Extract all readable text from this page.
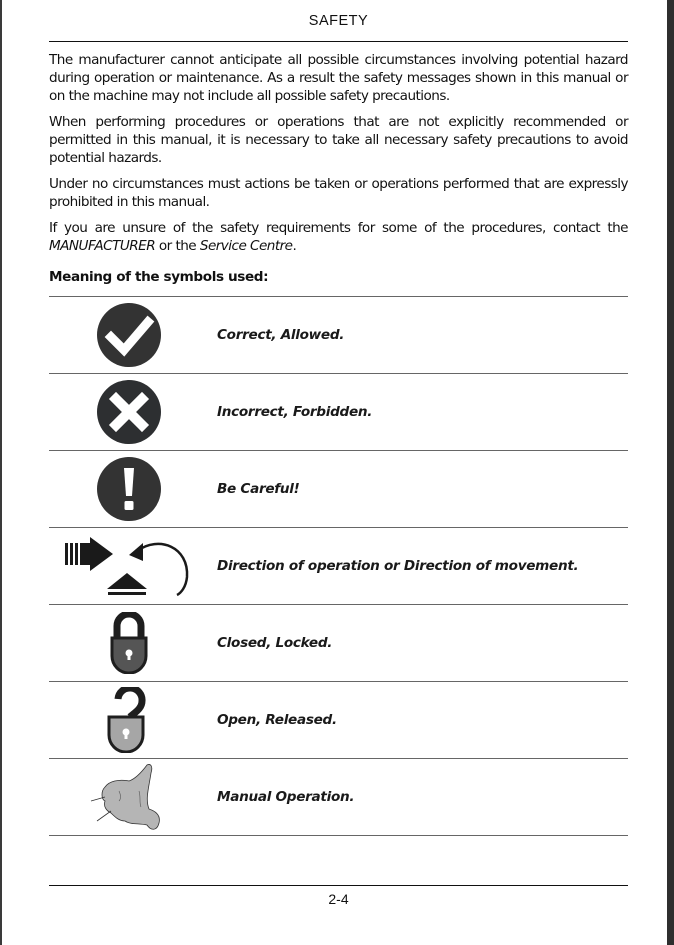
SAFETY

The manufacturer cannot anticipate all possible circumstances involving potential hazard during operation or maintenance. As a result the safety messages shown in this manual or on the machine may not include all possible safety precautions.

When performing procedures or operations that are not explicitly recommended or permitted in this manual, it is necessary to take all necessary safety precautions to avoid potential hazards.

Under no circumstances must actions be taken or operations performed that are expressly prohibited in this manual.

If you are unsure of the safety requirements for some of the procedures, contact the MANUFACTURER or the Service Centre.

Meaning of the symbols used:
Correct, Allowed.
Incorrect, Forbidden.
Be Careful!
Direction of operation or Direction of movement.
Closed, Locked.
Open, Released.
Manual Operation.
2-4
